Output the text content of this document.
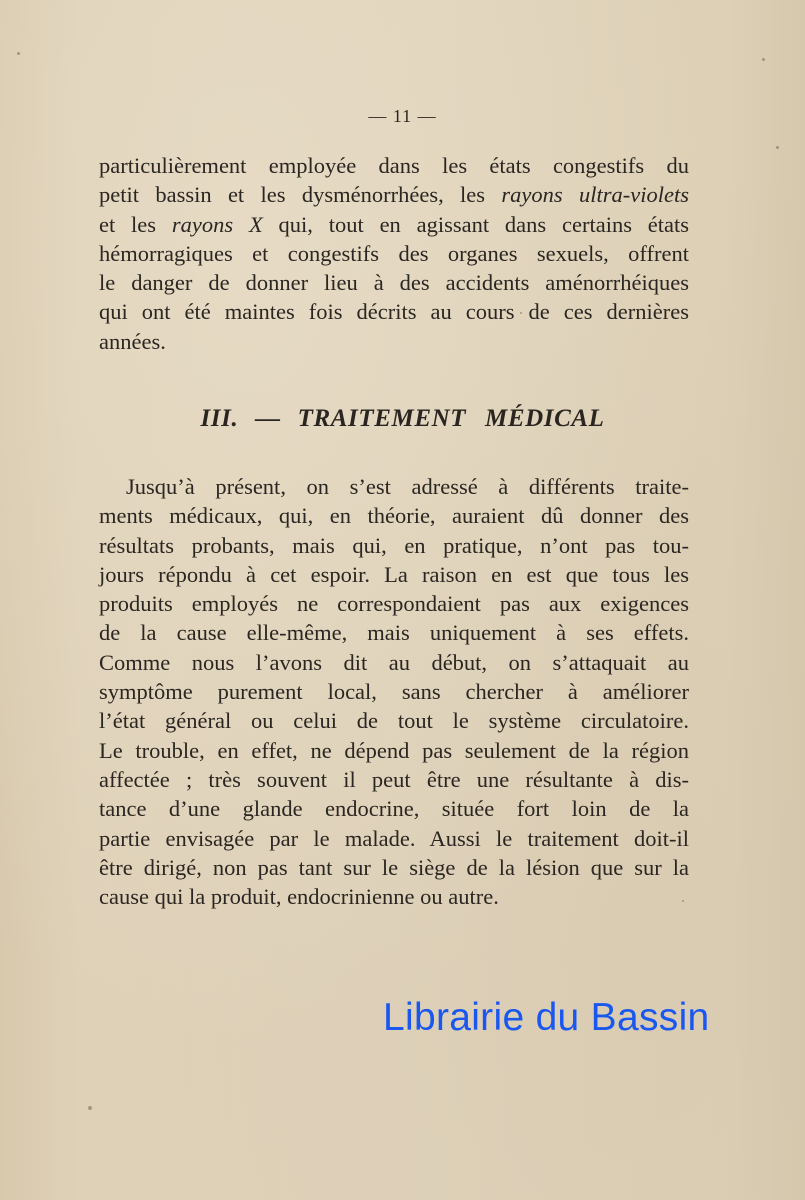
— 11 —
particulièrement employée dans les états congestifs du
petit bassin et les dysménorrhées, les rayons ultra-violets
et les rayons X qui, tout en agissant dans certains états
hémorragiques et congestifs des organes sexuels, offrent
le danger de donner lieu à des accidents aménorrhéiques
qui ont été maintes fois décrits au cours de ces dernières
années.
III. — TRAITEMENT MÉDICAL
Jusqu’à présent, on s’est adressé à différents traite-
ments médicaux, qui, en théorie, auraient dû donner des
résultats probants, mais qui, en pratique, n’ont pas tou-
jours répondu à cet espoir. La raison en est que tous les
produits employés ne correspondaient pas aux exigences
de la cause elle-même, mais uniquement à ses effets.
Comme nous l’avons dit au début, on s’attaquait au
symptôme purement local, sans chercher à améliorer
l’état général ou celui de tout le système circulatoire.
Le trouble, en effet, ne dépend pas seulement de la région
affectée ; très souvent il peut être une résultante à dis-
tance d’une glande endocrine, située fort loin de la
partie envisagée par le malade. Aussi le traitement doit-il
être dirigé, non pas tant sur le siège de la lésion que sur la
cause qui la produit, endocrinienne ou autre.
Librairie du Bassin
